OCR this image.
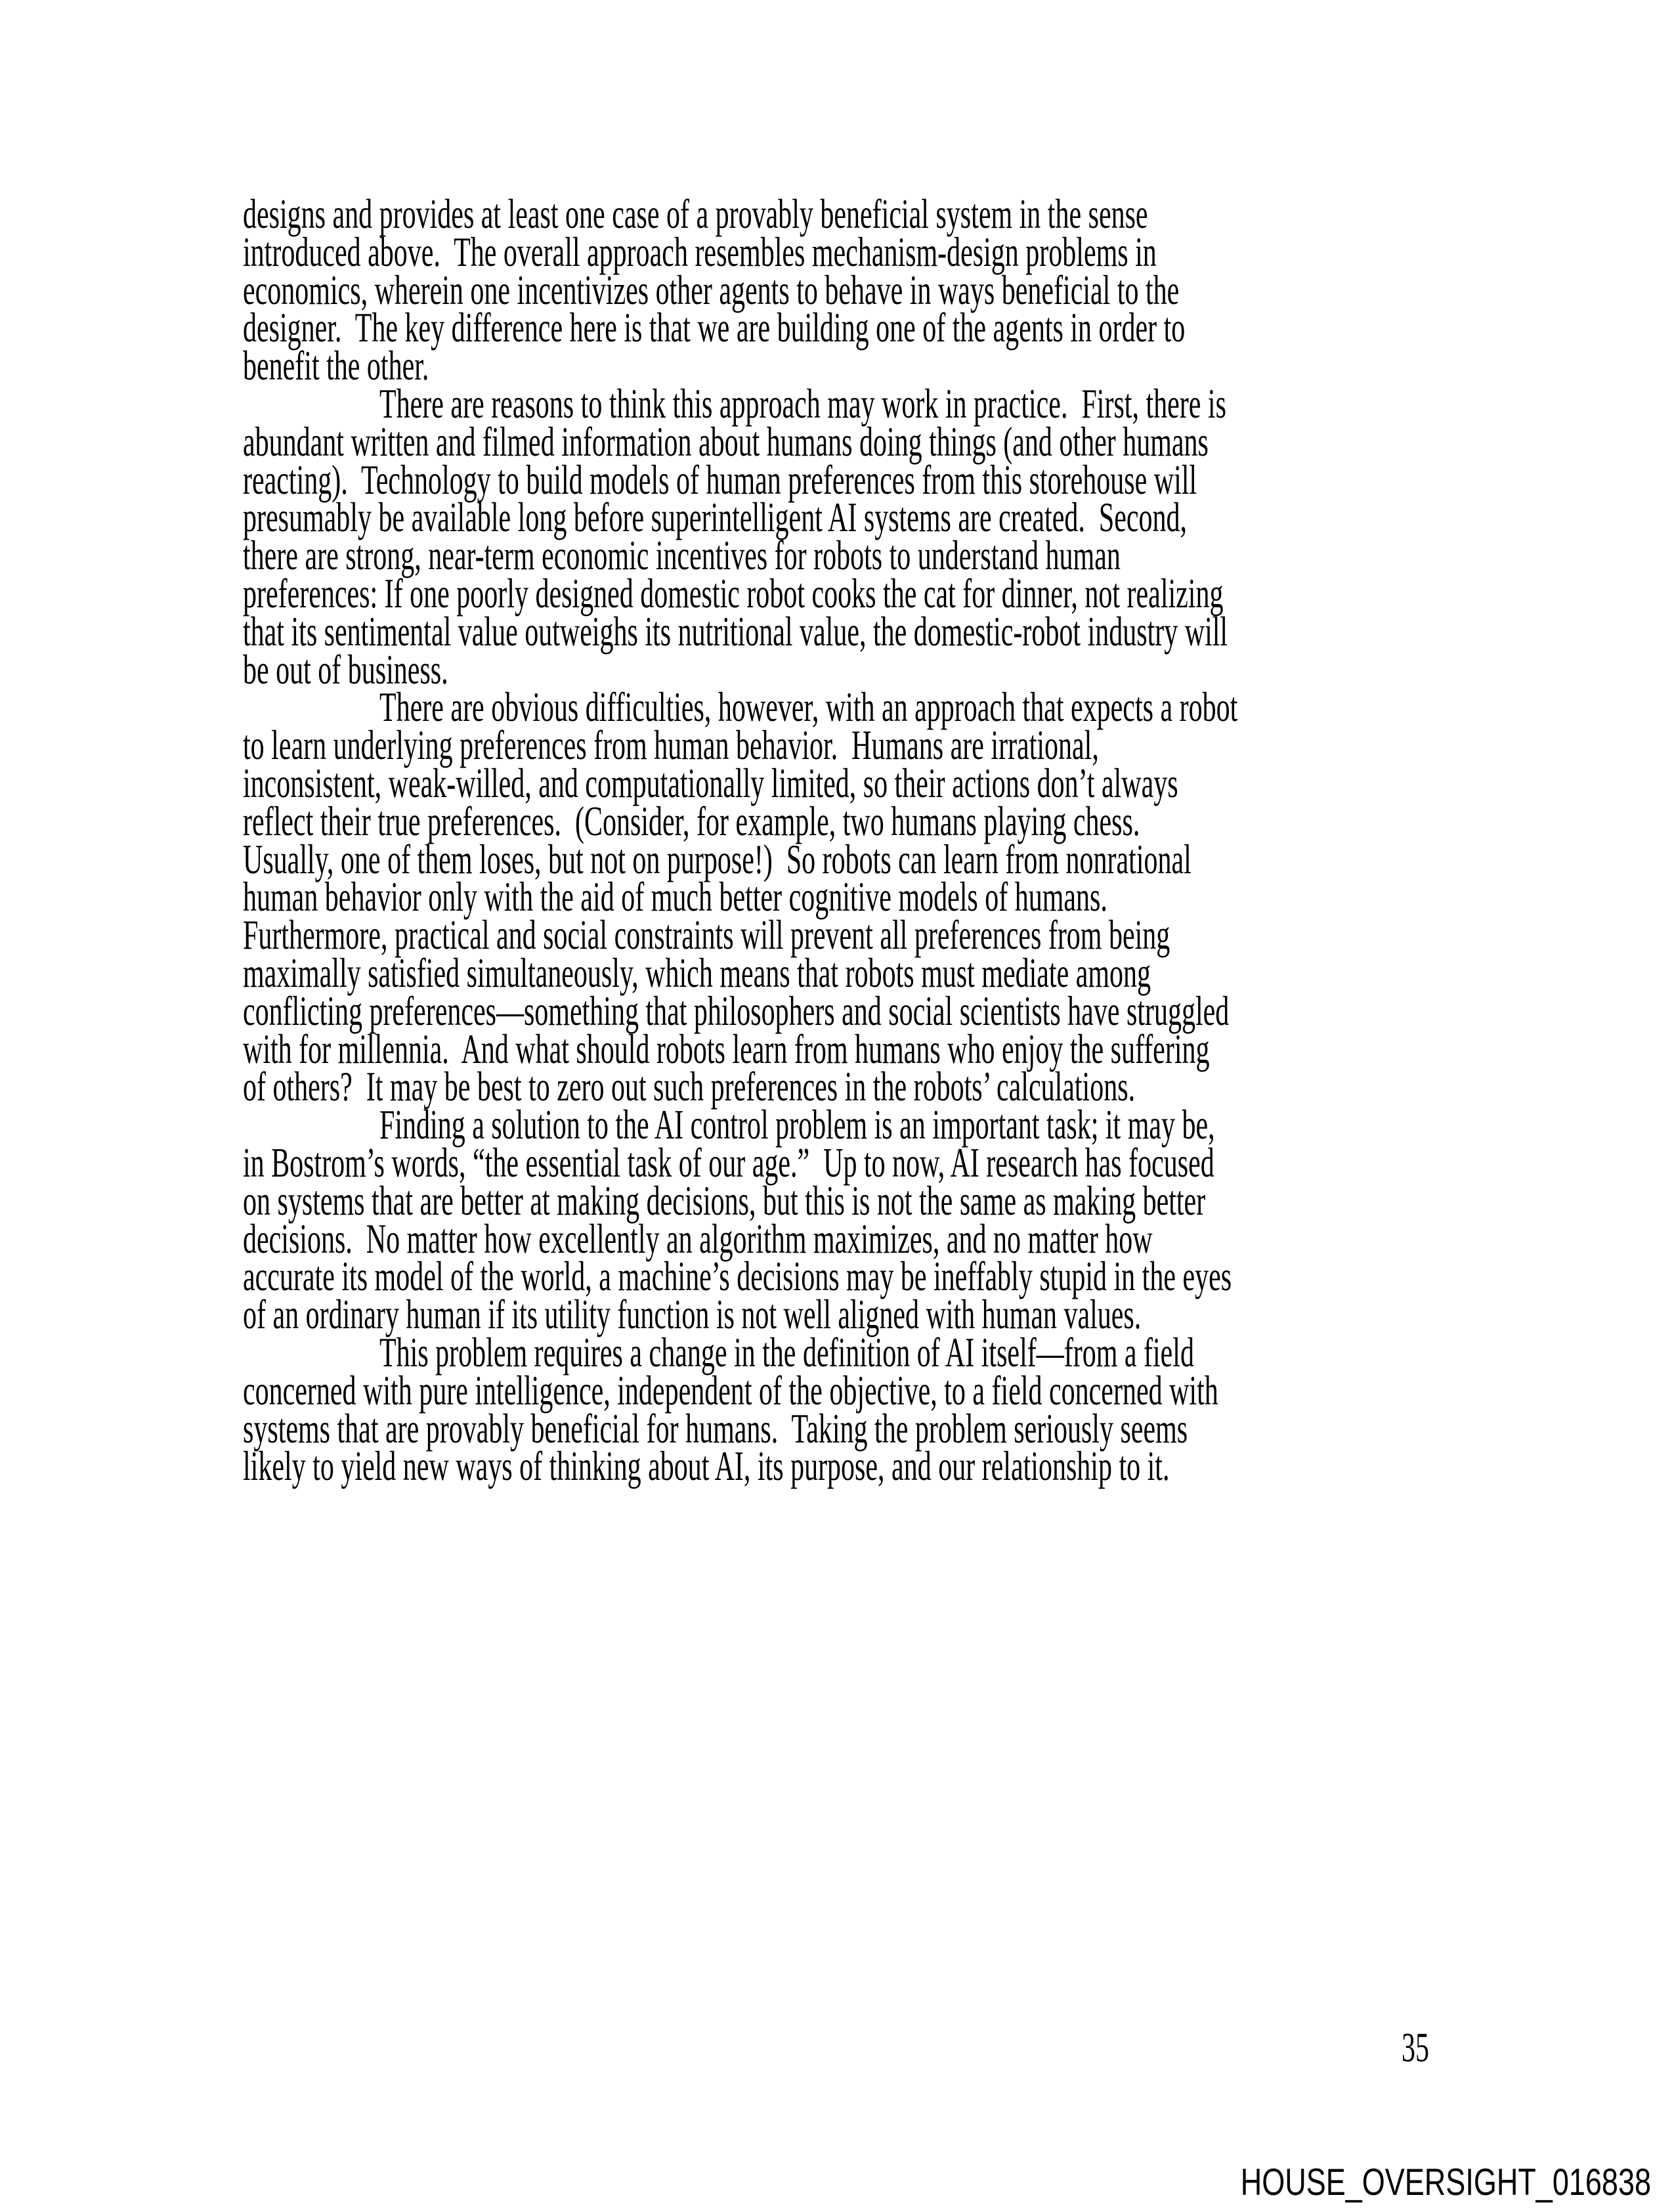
designs and provides at least one case of a provably beneficial system in the sense
introduced above.  The overall approach resembles mechanism-design problems in
economics, wherein one incentivizes other agents to behave in ways beneficial to the
designer.  The key difference here is that we are building one of the agents in order to
benefit the other.
There are reasons to think this approach may work in practice.  First, there is
abundant written and filmed information about humans doing things (and other humans
reacting).  Technology to build models of human preferences from this storehouse will
presumably be available long before superintelligent AI systems are created.  Second,
there are strong, near-term economic incentives for robots to understand human
preferences: If one poorly designed domestic robot cooks the cat for dinner, not realizing
that its sentimental value outweighs its nutritional value, the domestic-robot industry will
be out of business.
There are obvious difficulties, however, with an approach that expects a robot
to learn underlying preferences from human behavior.  Humans are irrational,
inconsistent, weak-willed, and computationally limited, so their actions don’t always
reflect their true preferences.  (Consider, for example, two humans playing chess.
Usually, one of them loses, but not on purpose!)  So robots can learn from nonrational
human behavior only with the aid of much better cognitive models of humans.
Furthermore, practical and social constraints will prevent all preferences from being
maximally satisfied simultaneously, which means that robots must mediate among
conflicting preferences—something that philosophers and social scientists have struggled
with for millennia.  And what should robots learn from humans who enjoy the suffering
of others?  It may be best to zero out such preferences in the robots’ calculations.
Finding a solution to the AI control problem is an important task; it may be,
in Bostrom’s words, “the essential task of our age.”  Up to now, AI research has focused
on systems that are better at making decisions, but this is not the same as making better
decisions.  No matter how excellently an algorithm maximizes, and no matter how
accurate its model of the world, a machine’s decisions may be ineffably stupid in the eyes
of an ordinary human if its utility function is not well aligned with human values.
This problem requires a change in the definition of AI itself—from a field
concerned with pure intelligence, independent of the objective, to a field concerned with
systems that are provably beneficial for humans.  Taking the problem seriously seems
likely to yield new ways of thinking about AI, its purpose, and our relationship to it.
35
HOUSE_OVERSIGHT_016838
